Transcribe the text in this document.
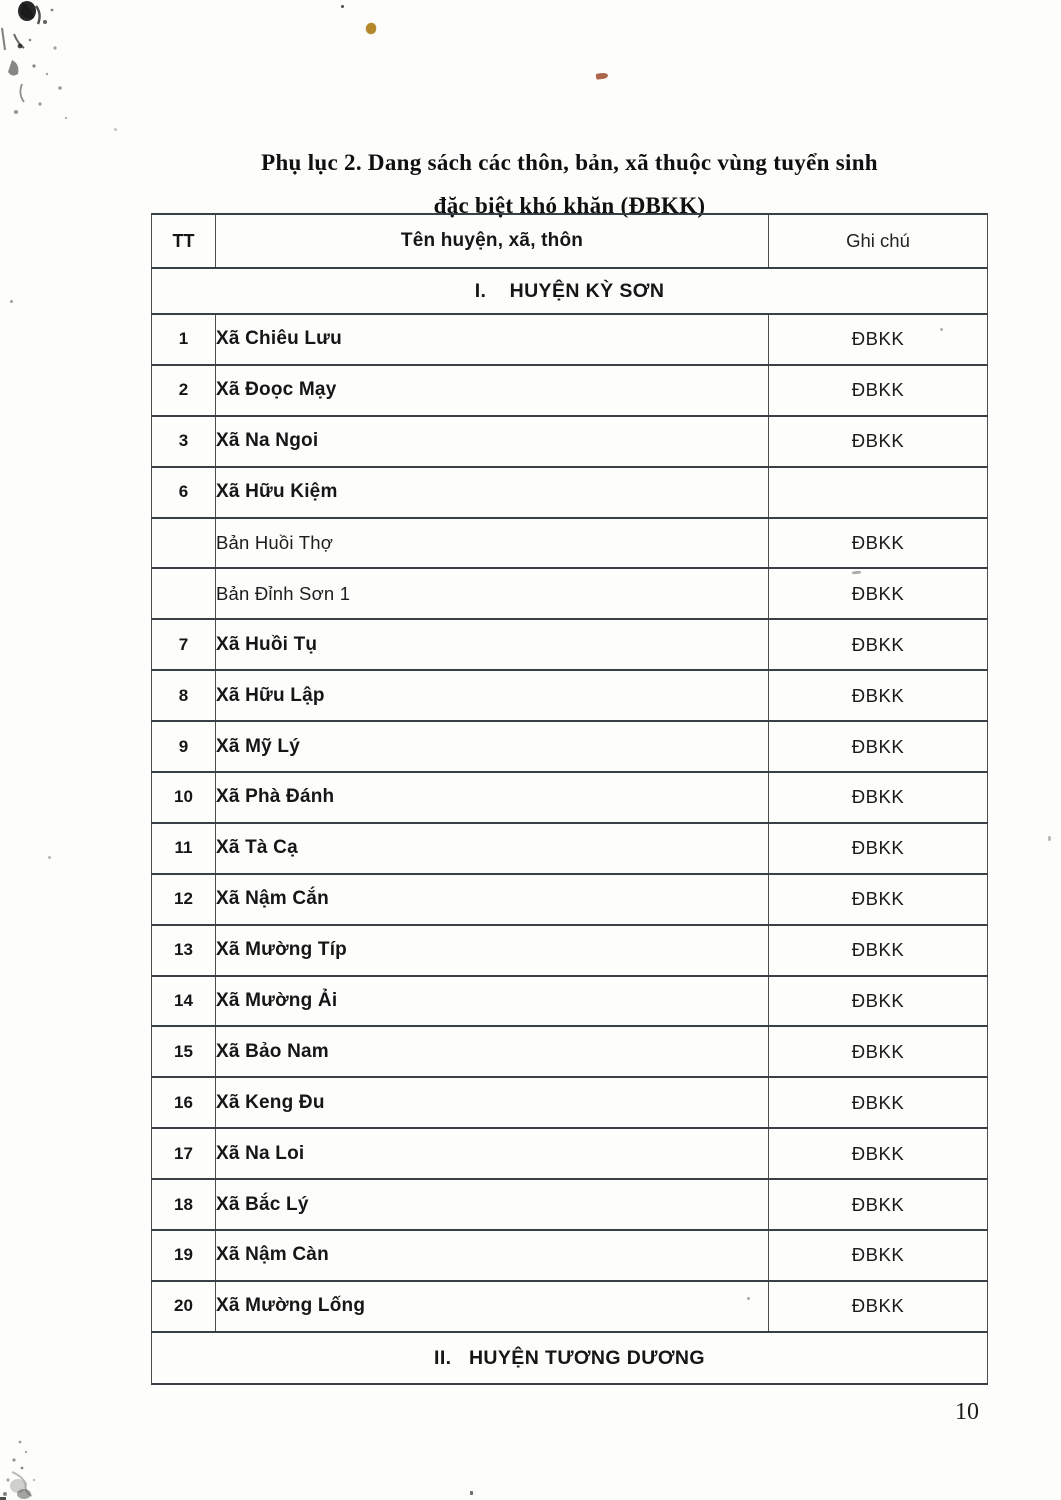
Phụ lục 2. Dang sách các thôn, bản, xã thuộc vùng tuyển sinh
đặc biệt khó khăn (ĐBKK)
TT	Tên huyện, xã, thôn	Ghi chú
I.    HUYỆN KỲ SƠN		
1	Xã Chiêu Lưu	ĐBKK
2	Xã Đoọc Mạy	ĐBKK
3	Xã Na Ngoi	ĐBKK
6	Xã Hữu Kiệm	
	Bản Huồi Thợ	ĐBKK
	Bản Đỉnh Sơn 1	ĐBKK
7	Xã Huồi Tụ	ĐBKK
8	Xã Hữu Lập	ĐBKK
9	Xã Mỹ Lý	ĐBKK
10	Xã Phà Đánh	ĐBKK
11	Xã Tà Cạ	ĐBKK
12	Xã Nậm Cắn	ĐBKK
13	Xã Mường Típ	ĐBKK
14	Xã Mường Ải	ĐBKK
15	Xã Bảo Nam	ĐBKK
16	Xã Keng Đu	ĐBKK
17	Xã Na Loi	ĐBKK
18	Xã Bắc Lý	ĐBKK
19	Xã Nậm Càn	ĐBKK
20	Xã Mường Lống	ĐBKK
II.   HUYỆN TƯƠNG DƯƠNG		
10
